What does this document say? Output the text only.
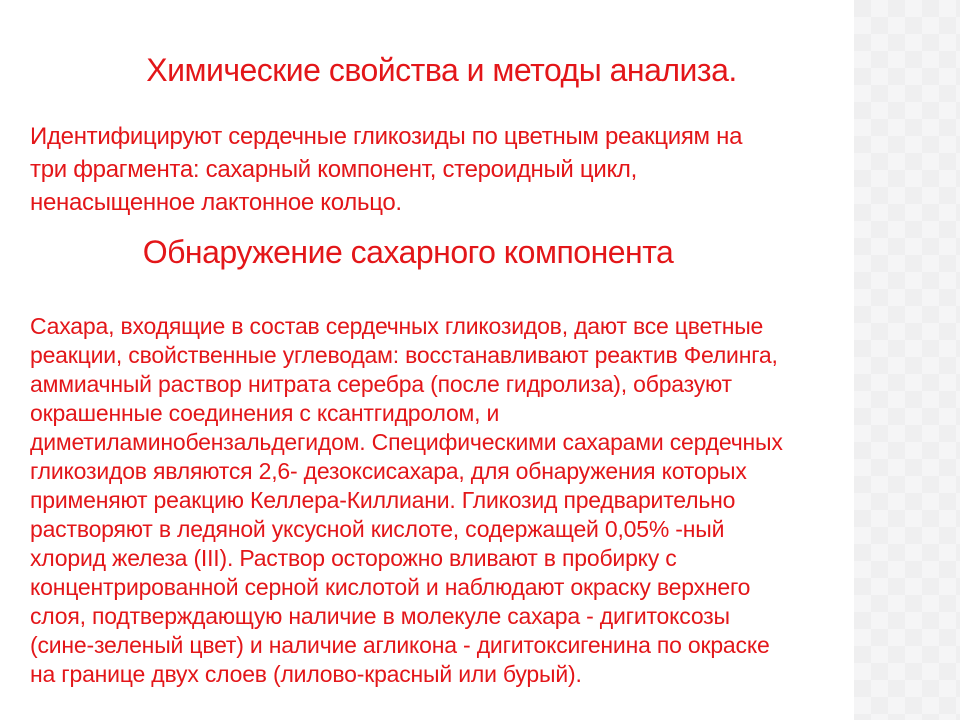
Химические свойства и методы анализа.
Идентифицируют сердечные гликозиды по цветным реакциям на
три фрагмента: сахарный компонент, стероидный цикл,
ненасыщенное лактонное кольцо.
Обнаружение сахарного компонента
Сахара, входящие в состав сердечных гликозидов, дают все цветные
реакции, свойственные углеводам: восстанавливают реактив Фелинга,
аммиачный раствор нитрата серебра (после гидролиза), образуют
окрашенные соединения с ксантгидролом, и
диметиламинобензальдегидом. Специфическими сахарами сердечных
гликозидов являются 2,6- дезоксисахара, для обнаружения которых
применяют реакцию Келлера-Киллиани. Гликозид предварительно
растворяют в ледяной уксусной кислоте, содержащей 0,05% -ный
хлорид железа (III). Раствор осторожно вливают в пробирку с
концентрированной серной кислотой и наблюдают окраску верхнего
слоя, подтверждающую наличие в молекуле сахара - дигитоксозы
(сине-зеленый цвет) и наличие агликона - дигитоксигенина по окраске
на границе двух слоев (лилово-красный или бурый).
